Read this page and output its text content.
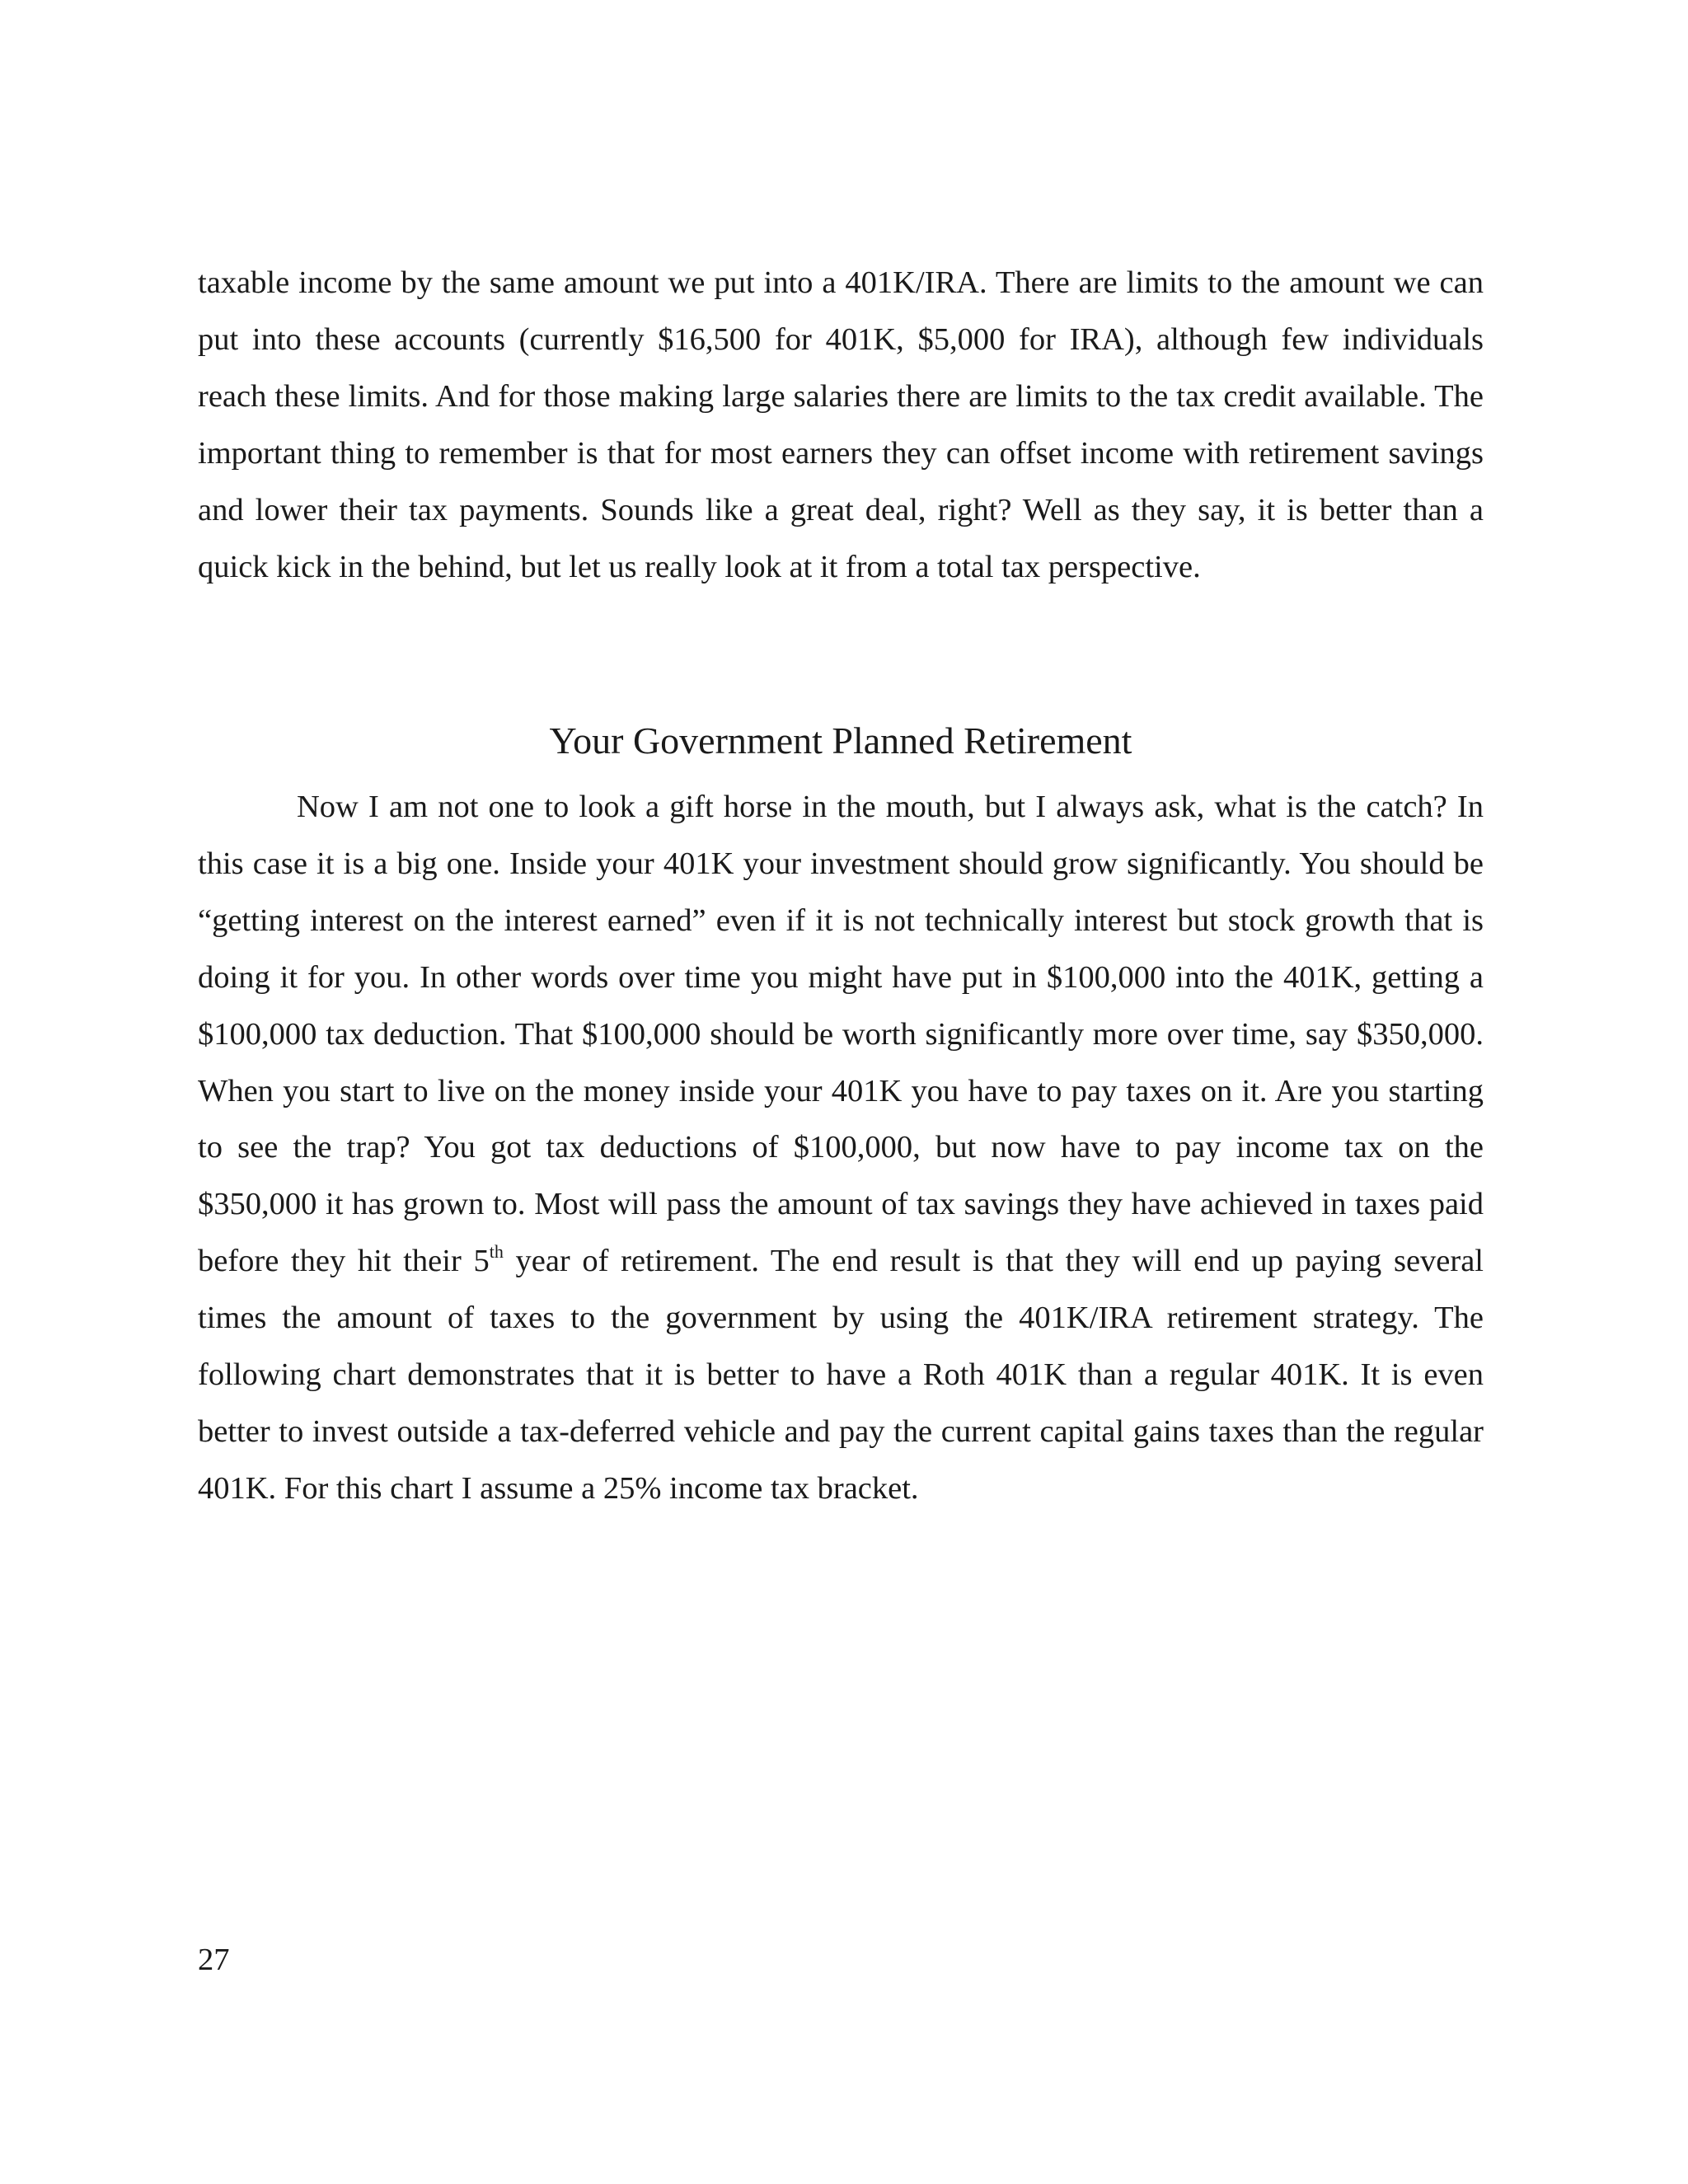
taxable income by the same amount we put into a 401K/IRA. There are limits to the amount we can put into these accounts (currently $16,500 for 401K, $5,000 for IRA), although few individuals reach these limits. And for those making large salaries there are limits to the tax credit available. The important thing to remember is that for most earners they can offset income with retirement savings and lower their tax payments. Sounds like a great deal, right? Well as they say, it is better than a quick kick in the behind, but let us really look at it from a total tax perspective.

Your Government Planned Retirement

Now I am not one to look a gift horse in the mouth, but I always ask, what is the catch? In this case it is a big one. Inside your 401K your investment should grow significantly. You should be “getting interest on the interest earned” even if it is not technically interest but stock growth that is doing it for you. In other words over time you might have put in $100,000 into the 401K, getting a $100,000 tax deduction. That $100,000 should be worth significantly more over time, say $350,000. When you start to live on the money inside your 401K you have to pay taxes on it. Are you starting to see the trap? You got tax deductions of $100,000, but now have to pay income tax on the $350,000 it has grown to. Most will pass the amount of tax savings they have achieved in taxes paid before they hit their 5th year of retirement. The end result is that they will end up paying several times the amount of taxes to the government by using the 401K/IRA retirement strategy. The following chart demonstrates that it is better to have a Roth 401K than a regular 401K. It is even better to invest outside a tax-deferred vehicle and pay the current capital gains taxes than the regular 401K. For this chart I assume a 25% income tax bracket.

27
